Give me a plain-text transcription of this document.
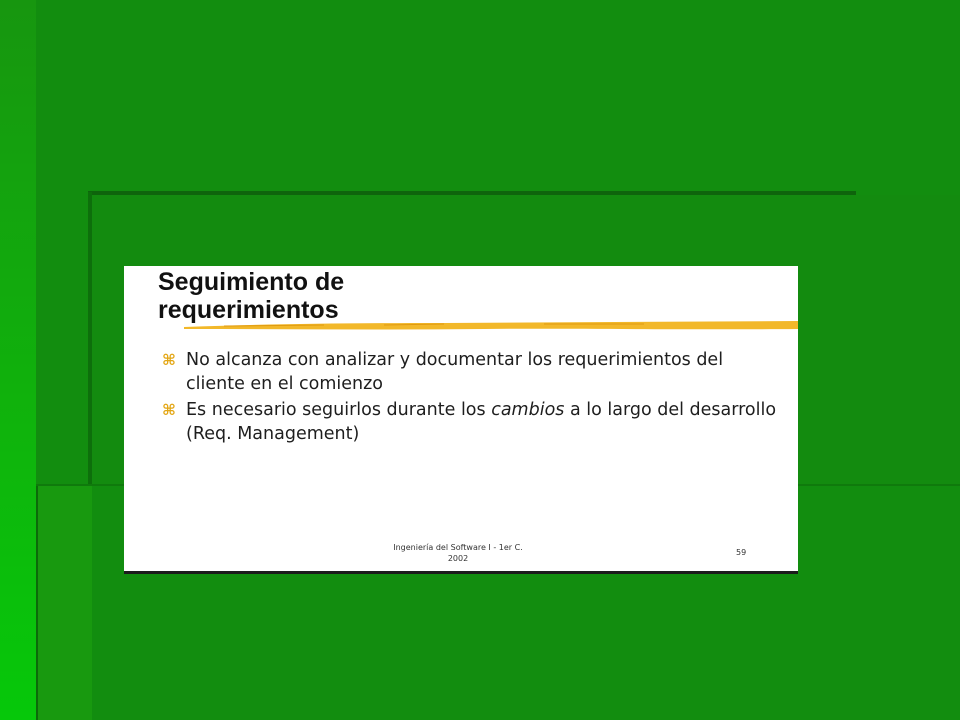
Seguimiento de
requerimientos
⌘ No alcanza con analizar y documentar los requerimientos del cliente en el comienzo
⌘ Es necesario seguirlos durante los cambios a lo largo del desarrollo (Req. Management)
Ingeniería del Software I - 1er C.
2002
59
